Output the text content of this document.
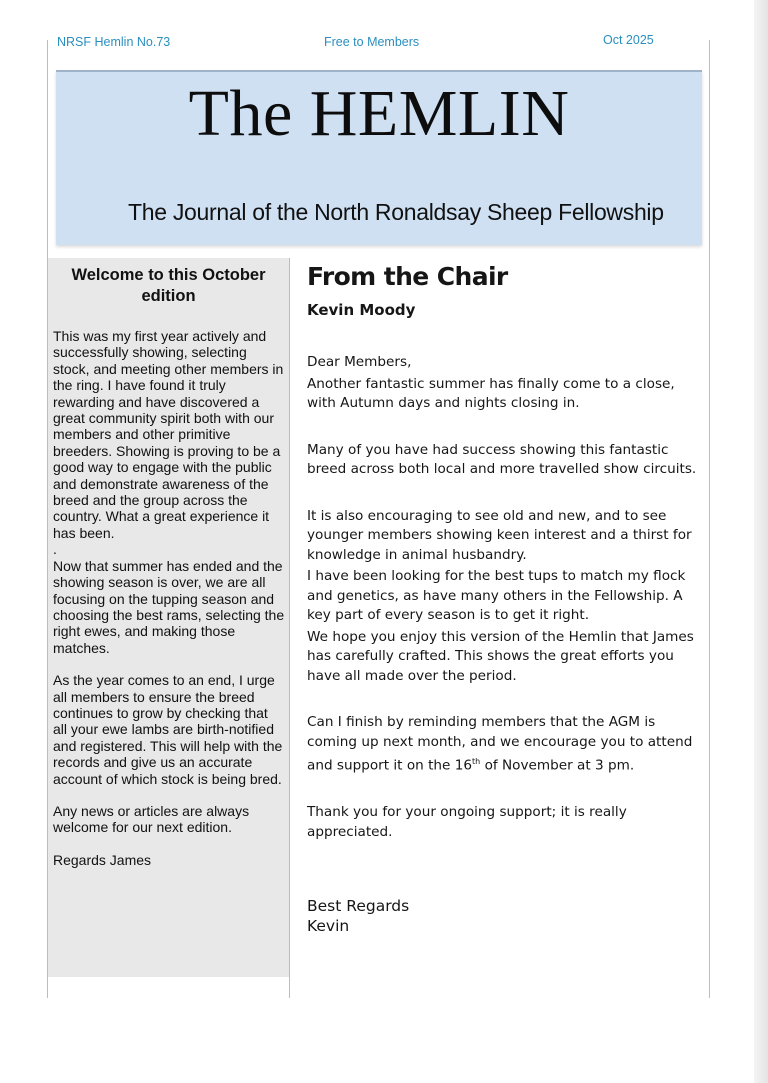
NRSF Hemlin No.73	Free to Members	Oct 2025
The HEMLIN
The Journal of the North Ronaldsay Sheep Fellowship
Welcome to this October edition

This was my first year actively and successfully showing, selecting stock, and meeting other members in the ring. I have found it truly rewarding and have discovered a great community spirit both with our members and other primitive breeders. Showing is proving to be a good way to engage with the public and demonstrate awareness of the breed and the group across the country. What a great experience it has been.

.

Now that summer has ended and the showing season is over, we are all focusing on the tupping season and choosing the best rams, selecting the right ewes, and making those matches.

As the year comes to an end, I urge all members to ensure the breed continues to grow by checking that all your ewe lambs are birth-notified and registered. This will help with the records and give us an accurate account of which stock is being bred.

Any news or articles are always welcome for our next edition.

Regards James

From the Chair

Kevin Moody

Dear Members,

Another fantastic summer has finally come to a close, with Autumn days and nights closing in.

Many of you have had success showing this fantastic breed across both local and more travelled show circuits.

It is also encouraging to see old and new, and to see younger members showing keen interest and a thirst for knowledge in animal husbandry.

I have been looking for the best tups to match my flock and genetics, as have many others in the Fellowship. A key part of every season is to get it right.

We hope you enjoy this version of the Hemlin that James has carefully crafted. This shows the great efforts you have all made over the period.

Can I finish by reminding members that the AGM is coming up next month, and we encourage you to attend and support it on the 16th of November at 3 pm.

Thank you for your ongoing support; it is really appreciated.

Best Regards
Kevin
